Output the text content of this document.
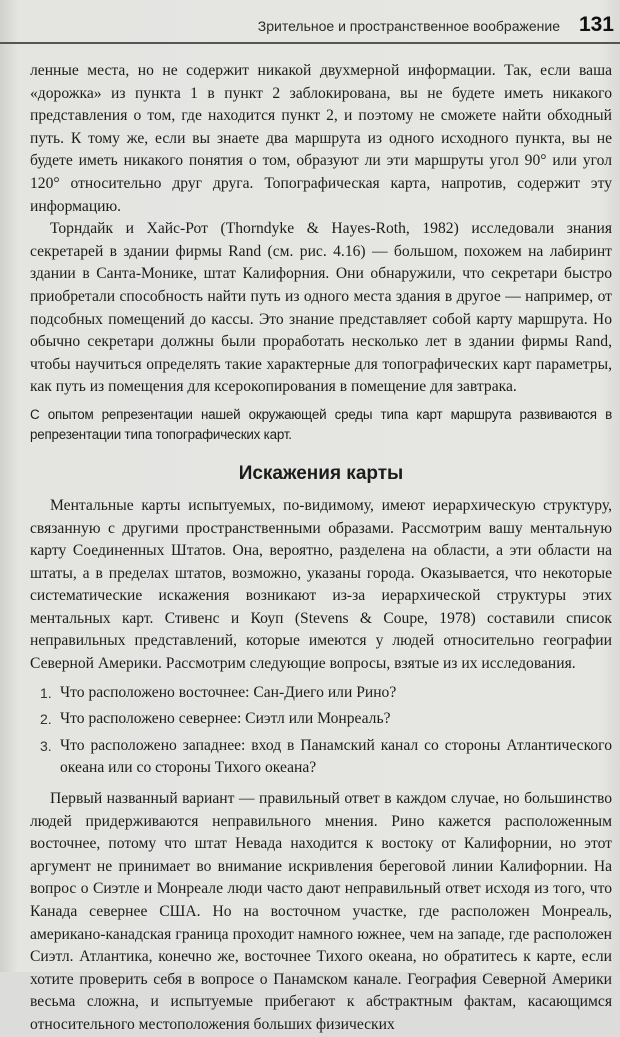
Зрительное и пространственное воображение 131

ленные места, но не содержит никакой двухмерной информации. Так, если ваша «дорожка» из пункта 1 в пункт 2 заблокирована, вы не будете иметь никакого представления о том, где находится пункт 2, и поэтому не сможете найти обходный путь. К тому же, если вы знаете два маршрута из одного исходного пункта, вы не будете иметь никакого понятия о том, образуют ли эти маршруты угол 90° или угол 120° относительно друг друга. Топографическая карта, напротив, содержит эту информацию.

Торндайк и Хайс-Рот (Thorndyke & Hayes-Roth, 1982) исследовали знания секретарей в здании фирмы Rand (см. рис. 4.16) — большом, похожем на лабиринт здании в Санта-Монике, штат Калифорния. Они обнаружили, что секретари быстро приобретали способность найти путь из одного места здания в другое — например, от подсобных помещений до кассы. Это знание представляет собой карту маршрута. Но обычно секретари должны были проработать несколько лет в здании фирмы Rand, чтобы научиться определять такие характерные для топографических карт параметры, как путь из помещения для ксерокопирования в помещение для завтрака.

С опытом репрезентации нашей окружающей среды типа карт маршрута развиваются в репрезентации типа топографических карт.

Искажения карты

Ментальные карты испытуемых, по-видимому, имеют иерархическую структуру, связанную с другими пространственными образами. Рассмотрим вашу ментальную карту Соединенных Штатов. Она, вероятно, разделена на области, а эти области на штаты, а в пределах штатов, возможно, указаны города. Оказывается, что некоторые систематические искажения возникают из-за иерархической структуры этих ментальных карт. Стивенс и Коуп (Stevens & Coupe, 1978) составили список неправильных представлений, которые имеются у людей относительно географии Северной Америки. Рассмотрим следующие вопросы, взятые из их исследования.

1. Что расположено восточнее: Сан-Диего или Рино?
2. Что расположено севернее: Сиэтл или Монреаль?
3. Что расположено западнее: вход в Панамский канал со стороны Атлантического океана или со стороны Тихого океана?

Первый названный вариант — правильный ответ в каждом случае, но большинство людей придерживаются неправильного мнения. Рино кажется расположенным восточнее, потому что штат Невада находится к востоку от Калифорнии, но этот аргумент не принимает во внимание искривления береговой линии Калифорнии. На вопрос о Сиэтле и Монреале люди часто дают неправильный ответ исходя из того, что Канада севернее США. Но на восточном участке, где расположен Монреаль, американо-канадская граница проходит намного южнее, чем на западе, где расположен Сиэтл. Атлантика, конечно же, восточнее Тихого океана, но обратитесь к карте, если хотите проверить себя в вопросе о Панамском канале. География Северной Америки весьма сложна, и испытуемые прибегают к абстрактным фактам, касающимся относительного местоположения больших физических
